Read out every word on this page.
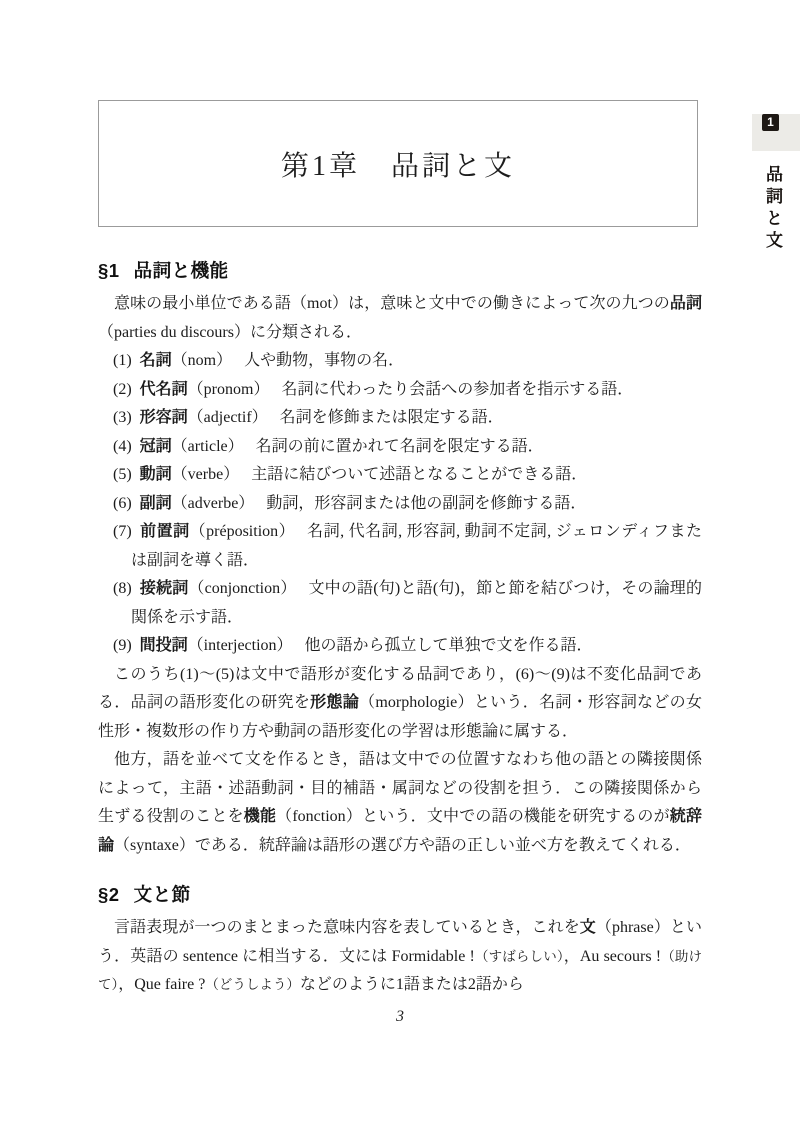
第1章　品詞と文
1
品詞と文
§1 品詞と機能

意味の最小単位である語（mot）は，意味と文中での働きによって次の九つの品詞（parties du discours）に分類される．

(1) 名詞（nom） 人や動物，事物の名．
(2) 代名詞（pronom） 名詞に代わったり会話への参加者を指示する語．
(3) 形容詞（adjectif） 名詞を修飾または限定する語．
(4) 冠詞（article） 名詞の前に置かれて名詞を限定する語．
(5) 動詞（verbe） 主語に結びついて述語となることができる語．
(6) 副詞（adverbe） 動詞，形容詞または他の副詞を修飾する語．
(7) 前置詞（préposition） 名詞, 代名詞, 形容詞, 動詞不定詞, ジェロンディフまたは副詞を導く語．
(8) 接続詞（conjonction） 文中の語(句)と語(句)，節と節を結びつけ，その論理的関係を示す語．
(9) 間投詞（interjection） 他の語から孤立して単独で文を作る語．

このうち(1)～(5)は文中で語形が変化する品詞であり，(6)～(9)は不変化品詞である．品詞の語形変化の研究を形態論（morphologie）という．名詞・形容詞などの女性形・複数形の作り方や動詞の語形変化の学習は形態論に属する．

他方，語を並べて文を作るとき，語は文中での位置すなわち他の語との隣接関係によって，主語・述語動詞・目的補語・属詞などの役割を担う．この隣接関係から生ずる役割のことを機能（fonction）という．文中での語の機能を研究するのが統辞論（syntaxe）である．統辞論は語形の選び方や語の正しい並べ方を教えてくれる．

§2 文と節

言語表現が一つのまとまった意味内容を表しているとき，これを文（phrase）という．英語の sentence に相当する．文には Formidable !（すばらしい），Au secours !（助けて），Que faire ?（どうしよう）などのように1語または2語から

3
